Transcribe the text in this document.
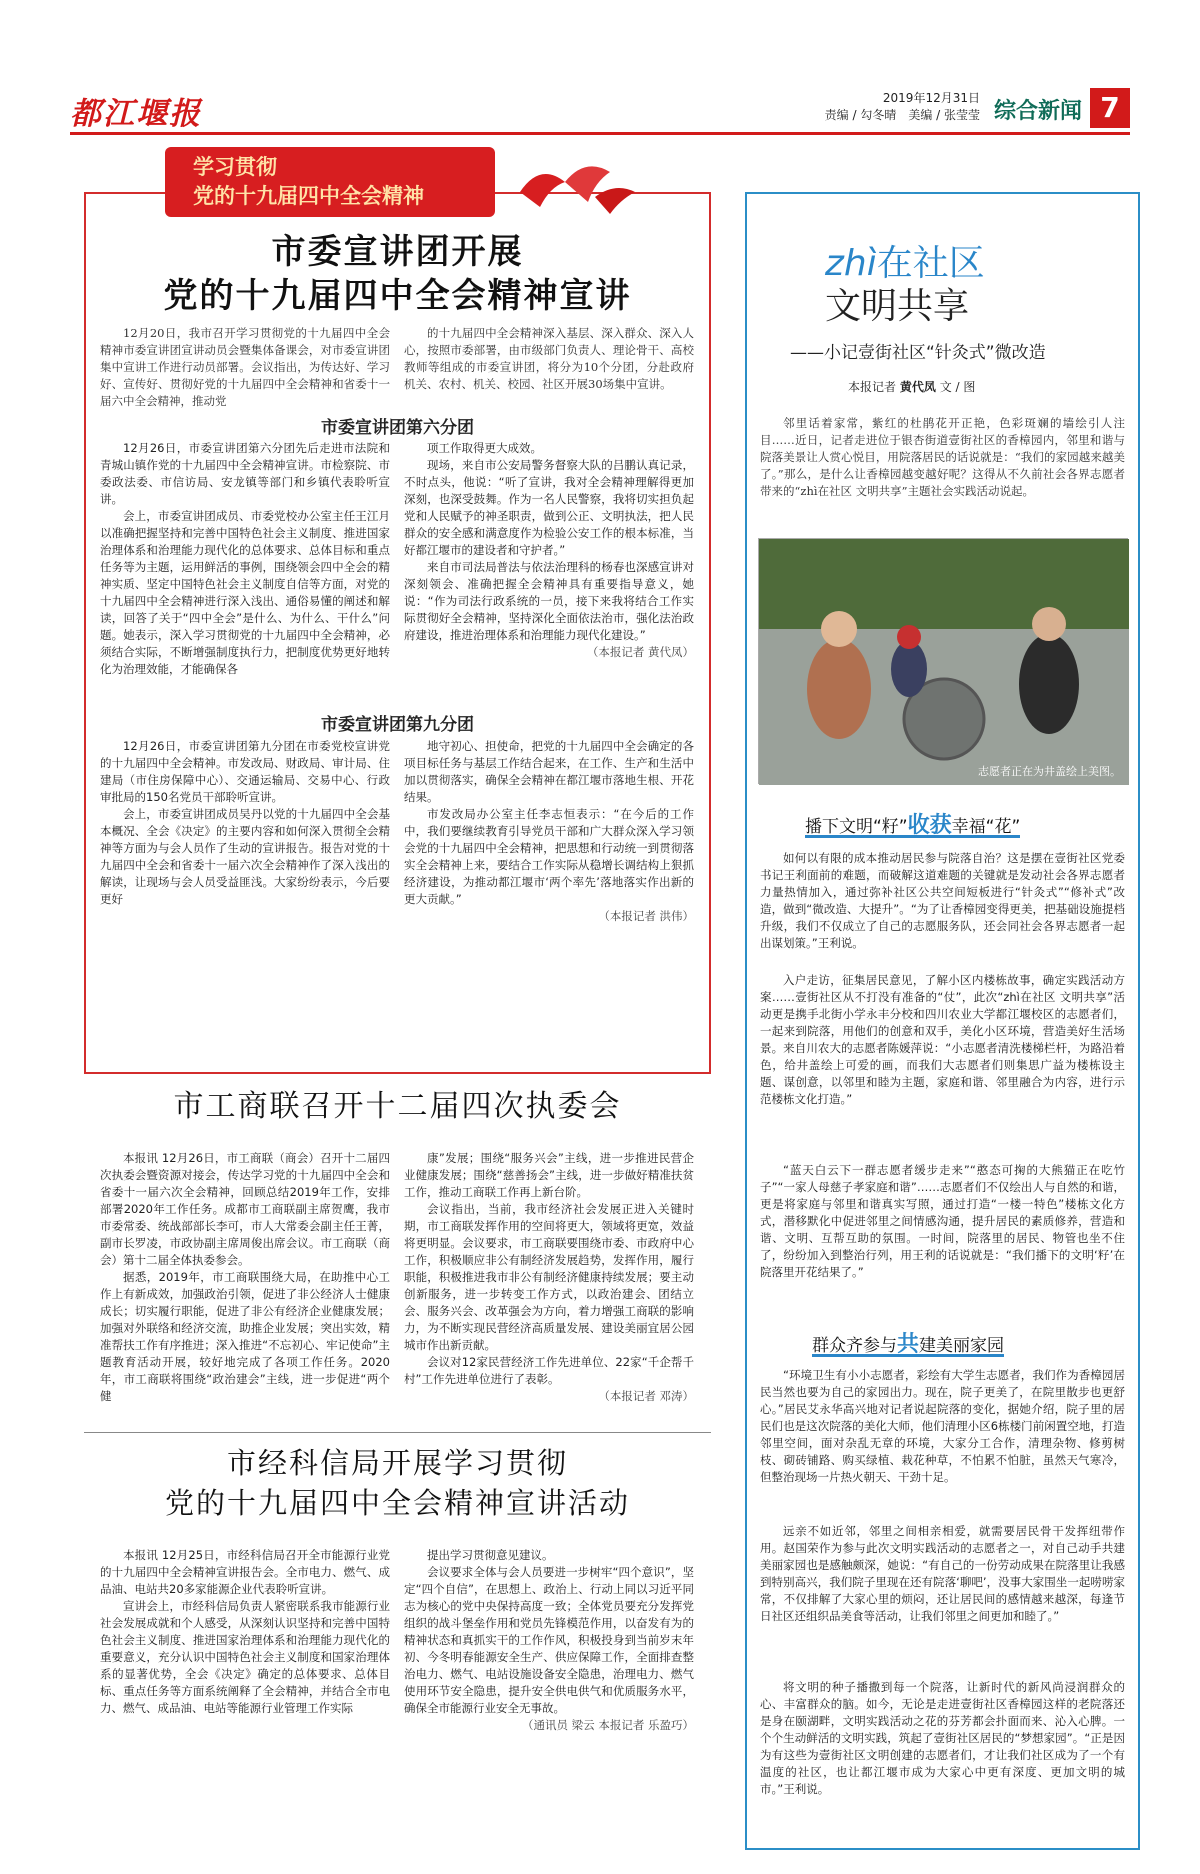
都江堰报	2019年12月31日
责编 / 勾冬晴　美编 / 张莹莹 综合新闻 7
学习贯彻
党的十九届四中全会精神
市委宣讲团开展
党的十九届四中全会精神宣讲
12月20日，我市召开学习贯彻党的十九届四中全会精神市委宣讲团宣讲动员会暨集体备课会，对市委宣讲团集中宣讲工作进行动员部署。会议指出，为传达好、学习好、宣传好、贯彻好党的十九届四中全会精神和省委十一届六中全会精神，推动党
的十九届四中全会精神深入基层、深入群众、深入人心，按照市委部署，由市级部门负责人、理论骨干、高校教师等组成的市委宣讲团，将分为10个分团，分赴政府机关、农村、机关、校园、社区开展30场集中宣讲。
市委宣讲团第六分团
12月26日，市委宣讲团第六分团先后走进市法院和青城山镇作党的十九届四中全会精神宣讲。市检察院、市委政法委、市信访局、安龙镇等部门和乡镇代表聆听宣讲。
会上，市委宣讲团成员、市委党校办公室主任王江月以准确把握坚持和完善中国特色社会主义制度、推进国家治理体系和治理能力现代化的总体要求、总体目标和重点任务等为主题，运用鲜活的事例，围绕领会四中全会的精神实质、坚定中国特色社会主义制度自信等方面，对党的十九届四中全会精神进行深入浅出、通俗易懂的阐述和解读，回答了关于“四中全会”是什么、为什么、干什么”问题。她表示，深入学习贯彻党的十九届四中全会精神，必须结合实际，不断增强制度执行力，把制度优势更好地转化为治理效能，才能确保各
项工作取得更大成效。
现场，来自市公安局警务督察大队的吕鹏认真记录，不时点头，他说：“听了宣讲，我对全会精神理解得更加深刻，也深受鼓舞。作为一名人民警察，我将切实担负起党和人民赋予的神圣职责，做到公正、文明执法，把人民群众的安全感和满意度作为检验公安工作的根本标准，当好都江堰市的建设者和守护者。”
来自市司法局普法与依法治理科的杨春也深感宣讲对深刻领会、准确把握全会精神具有重要指导意义，她说：“作为司法行政系统的一员，接下来我将结合工作实际贯彻好全会精神，坚持深化全面依法治市，强化法治政府建设，推进治理体系和治理能力现代化建设。”
（本报记者 黄代凤）
市委宣讲团第九分团
12月26日，市委宣讲团第九分团在市委党校宣讲党的十九届四中全会精神。市发改局、财政局、审计局、住建局（市住房保障中心）、交通运输局、交易中心、行政审批局的150名党员干部聆听宣讲。
会上，市委宣讲团成员吴丹以党的十九届四中全会基本概况、全会《决定》的主要内容和如何深入贯彻全会精神等方面为与会人员作了生动的宣讲报告。报告对党的十九届四中全会和省委十一届六次全会精神作了深入浅出的解读，让现场与会人员受益匪浅。大家纷纷表示，今后要更好
地守初心、担使命，把党的十九届四中全会确定的各项目标任务与基层工作结合起来，在工作、生产和生活中加以贯彻落实，确保全会精神在都江堰市落地生根、开花结果。
市发改局办公室主任李志恒表示：“在今后的工作中，我们要继续教育引导党员干部和广大群众深入学习领会党的十九届四中全会精神，把思想和行动统一到贯彻落实全会精神上来，要结合工作实际从稳增长调结构上狠抓经济建设，为推动都江堰市‘两个率先’落地落实作出新的更大贡献。”
（本报记者 洪伟）
市工商联召开十二届四次执委会
本报讯 12月26日，市工商联（商会）召开十二届四次执委会暨资源对接会，传达学习党的十九届四中全会和省委十一届六次全会精神，回顾总结2019年工作，安排部署2020年工作任务。成都市工商联副主席贺鹰，我市市委常委、统战部部长李可，市人大常委会副主任王菁，副市长罗凌，市政协副主席周俊出席会议。市工商联（商会）第十二届全体执委参会。
据悉，2019年，市工商联围绕大局，在助推中心工作上有新成效，加强政治引领，促进了非公经济人士健康成长；切实履行职能，促进了非公有经济企业健康发展；加强对外联络和经济交流，助推企业发展；突出实效，精准帮扶工作有序推进；深入推进“不忘初心、牢记使命”主题教育活动开展，较好地完成了各项工作任务。2020年，市工商联将围绕“政治建会”主线，进一步促进“两个健
康”发展；围绕“服务兴会”主线，进一步推进民营企业健康发展；围绕“慈善扬会”主线，进一步做好精准扶贫工作，推动工商联工作再上新台阶。
会议指出，当前，我市经济社会发展正进入关键时期，市工商联发挥作用的空间将更大，领域将更宽，效益将更明显。会议要求，市工商联要围绕市委、市政府中心工作，积极顺应非公有制经济发展趋势，发挥作用，履行职能，积极推进我市非公有制经济健康持续发展；要主动创新服务，进一步转变工作方式，以政治建会、团结立会、服务兴会、改革强会为方向，着力增强工商联的影响力，为不断实现民营经济高质量发展、建设美丽宜居公园城市作出新贡献。
会议对12家民营经济工作先进单位、22家“千企帮千村”工作先进单位进行了表彰。
（本报记者 邓涛）
市经科信局开展学习贯彻
党的十九届四中全会精神宣讲活动
本报讯 12月25日，市经科信局召开全市能源行业党的十九届四中全会精神宣讲报告会。全市电力、燃气、成品油、电站共20多家能源企业代表聆听宣讲。
宣讲会上，市经科信局负责人紧密联系我市能源行业社会发展成就和个人感受，从深刻认识坚持和完善中国特色社会主义制度、推进国家治理体系和治理能力现代化的重要意义，充分认识中国特色社会主义制度和国家治理体系的显著优势，全会《决定》确定的总体要求、总体目标、重点任务等方面系统阐释了全会精神，并结合全市电力、燃气、成品油、电站等能源行业管理工作实际
提出学习贯彻意见建议。
会议要求全体与会人员要进一步树牢“四个意识”，坚定“四个自信”，在思想上、政治上、行动上同以习近平同志为核心的党中央保持高度一致；全体党员要充分发挥党组织的战斗堡垒作用和党员先锋模范作用，以奋发有为的精神状态和真抓实干的工作作风，积极投身到当前岁末年初、今冬明春能源安全生产、供应保障工作，全面排查整治电力、燃气、电站设施设备安全隐患，治理电力、燃气使用环节安全隐患，提升安全供电供气和优质服务水平，确保全市能源行业安全无事故。
（通讯员 梁云 本报记者 乐盈巧）
zhì在社区
文明共享
——小记壹街社区“针灸式”微改造
本报记者 黄代凤 文 / 图
邻里话着家常，紫红的杜鹃花开正艳，色彩斑斓的墙绘引人注目……近日，记者走进位于银杏街道壹街社区的香樟园内，邻里和谐与院落美景让人赏心悦目，用院落居民的话说就是：“我们的家园越来越美了。”那么，是什么让香樟园越变越好呢？这得从不久前社会各界志愿者带来的“zhì在社区 文明共享”主题社会实践活动说起。
志愿者正在为井盖绘上美图。
播下文明“籽”收获幸福“花”
如何以有限的成本推动居民参与院落自治？这是摆在壹街社区党委书记王利面前的难题，而破解这道难题的关键就是发动社会各界志愿者力量热情加入，通过弥补社区公共空间短板进行“针灸式”“修补式”改造，做到“微改造、大提升”。“为了让香樟园变得更美，把基础设施提档升级，我们不仅成立了自己的志愿服务队，还会同社会各界志愿者一起出谋划策。”王利说。
入户走访，征集居民意见，了解小区内楼栋故事，确定实践活动方案……壹街社区从不打没有准备的“仗”，此次“zhì在社区 文明共享”活动更是携手北街小学永丰分校和四川农业大学都江堰校区的志愿者们，一起来到院落，用他们的创意和双手，美化小区环境，营造美好生活场景。来自川农大的志愿者陈媛萍说：“小志愿者清洗楼梯栏杆，为路沿着色，给井盖绘上可爱的画，而我们大志愿者们则集思广益为楼栋设主题、谋创意，以邻里和睦为主题，家庭和谐、邻里融合为内容，进行示范楼栋文化打造。”
“蓝天白云下一群志愿者缓步走来”“憨态可掬的大熊猫正在吃竹子”“一家人母慈子孝家庭和谐”……志愿者们不仅绘出人与自然的和谐，更是将家庭与邻里和谐真实写照，通过打造“一楼一特色”楼栋文化方式，潜移默化中促进邻里之间情感沟通，提升居民的素质修养，营造和谐、文明、互帮互助的氛围。一时间，院落里的居民、物管也坐不住了，纷纷加入到整治行列，用王利的话说就是：“我们播下的文明‘籽’在院落里开花结果了。”
群众齐参与共建美丽家园
“环境卫生有小小志愿者，彩绘有大学生志愿者，我们作为香樟园居民当然也要为自己的家园出力。现在，院子更美了，在院里散步也更舒心。”居民艾永华高兴地对记者说起院落的变化，据她介绍，院子里的居民们也是这次院落的美化大师，他们清理小区6栋楼门前闲置空地，打造邻里空间，面对杂乱无章的环境，大家分工合作，清理杂物、修剪树枝、砌砖铺路、购买绿植、栽花种草，不怕累不怕脏，虽然天气寒冷，但整治现场一片热火朝天、干劲十足。
远亲不如近邻，邻里之间相亲相爱，就需要居民骨干发挥纽带作用。赵国荣作为参与此次文明实践活动的志愿者之一，对自己动手共建美丽家园也是感触颇深，她说：“有自己的一份劳动成果在院落里让我感到特别高兴，我们院子里现在还有院落‘聊吧’，没事大家围坐一起唠唠家常，不仅排解了大家心里的烦闷，还让居民间的感情越来越深，每逢节日社区还组织品美食等活动，让我们邻里之间更加和睦了。”
将文明的种子播撒到每一个院落，让新时代的新风尚浸润群众的心、丰富群众的脑。如今，无论是走进壹街社区香樟园这样的老院落还是身在颐湖畔，文明实践活动之花的芬芳都会扑面而来、沁入心脾。一个个生动鲜活的文明实践，筑起了壹街社区居民的“梦想家园”。“正是因为有这些为壹街社区文明创建的志愿者们，才让我们社区成为了一个有温度的社区，也让都江堰市成为大家心中更有深度、更加文明的城市。”王利说。
